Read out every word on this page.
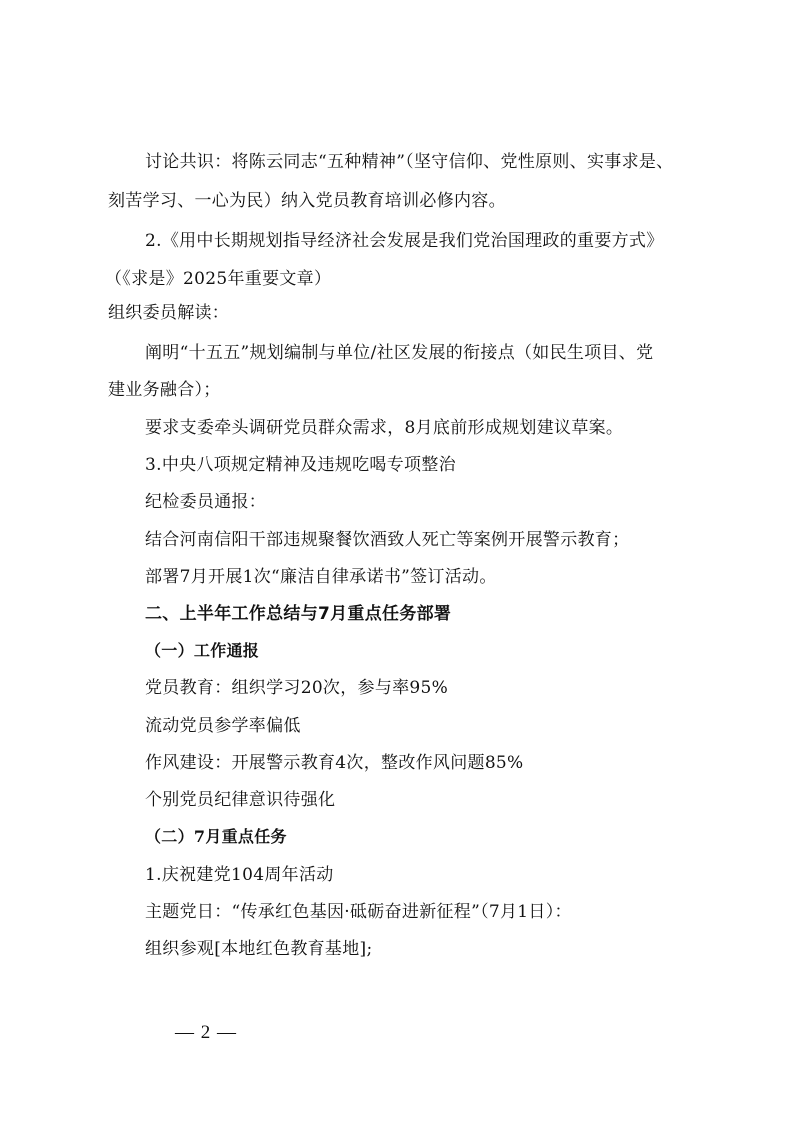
讨论共识：将陈云同志“五种精神”（坚守信仰、党性原则、实事求是、
刻苦学习、一心为民）纳入党员教育培训必修内容。
2.《用中长期规划指导经济社会发展是我们党治国理政的重要方式》
（《求是》2025年重要文章）
组织委员解读：
阐明“十五五”规划编制与单位/社区发展的衔接点（如民生项目、党
建业务融合）；
要求支委牵头调研党员群众需求，8月底前形成规划建议草案。
3.中央八项规定精神及违规吃喝专项整治
纪检委员通报：
结合河南信阳干部违规聚餐饮酒致人死亡等案例开展警示教育；
部署7月开展1次“廉洁自律承诺书”签订活动。
二、上半年工作总结与7月重点任务部署
（一）工作通报
党员教育：组织学习20次，参与率95%
流动党员参学率偏低
作风建设：开展警示教育4次，整改作风问题85%
个别党员纪律意识待强化
（二）7月重点任务
1.庆祝建党104周年活动
主题党日：“传承红色基因·砥砺奋进新征程”（7月1日）：
组织参观[本地红色教育基地];
— 2 —
